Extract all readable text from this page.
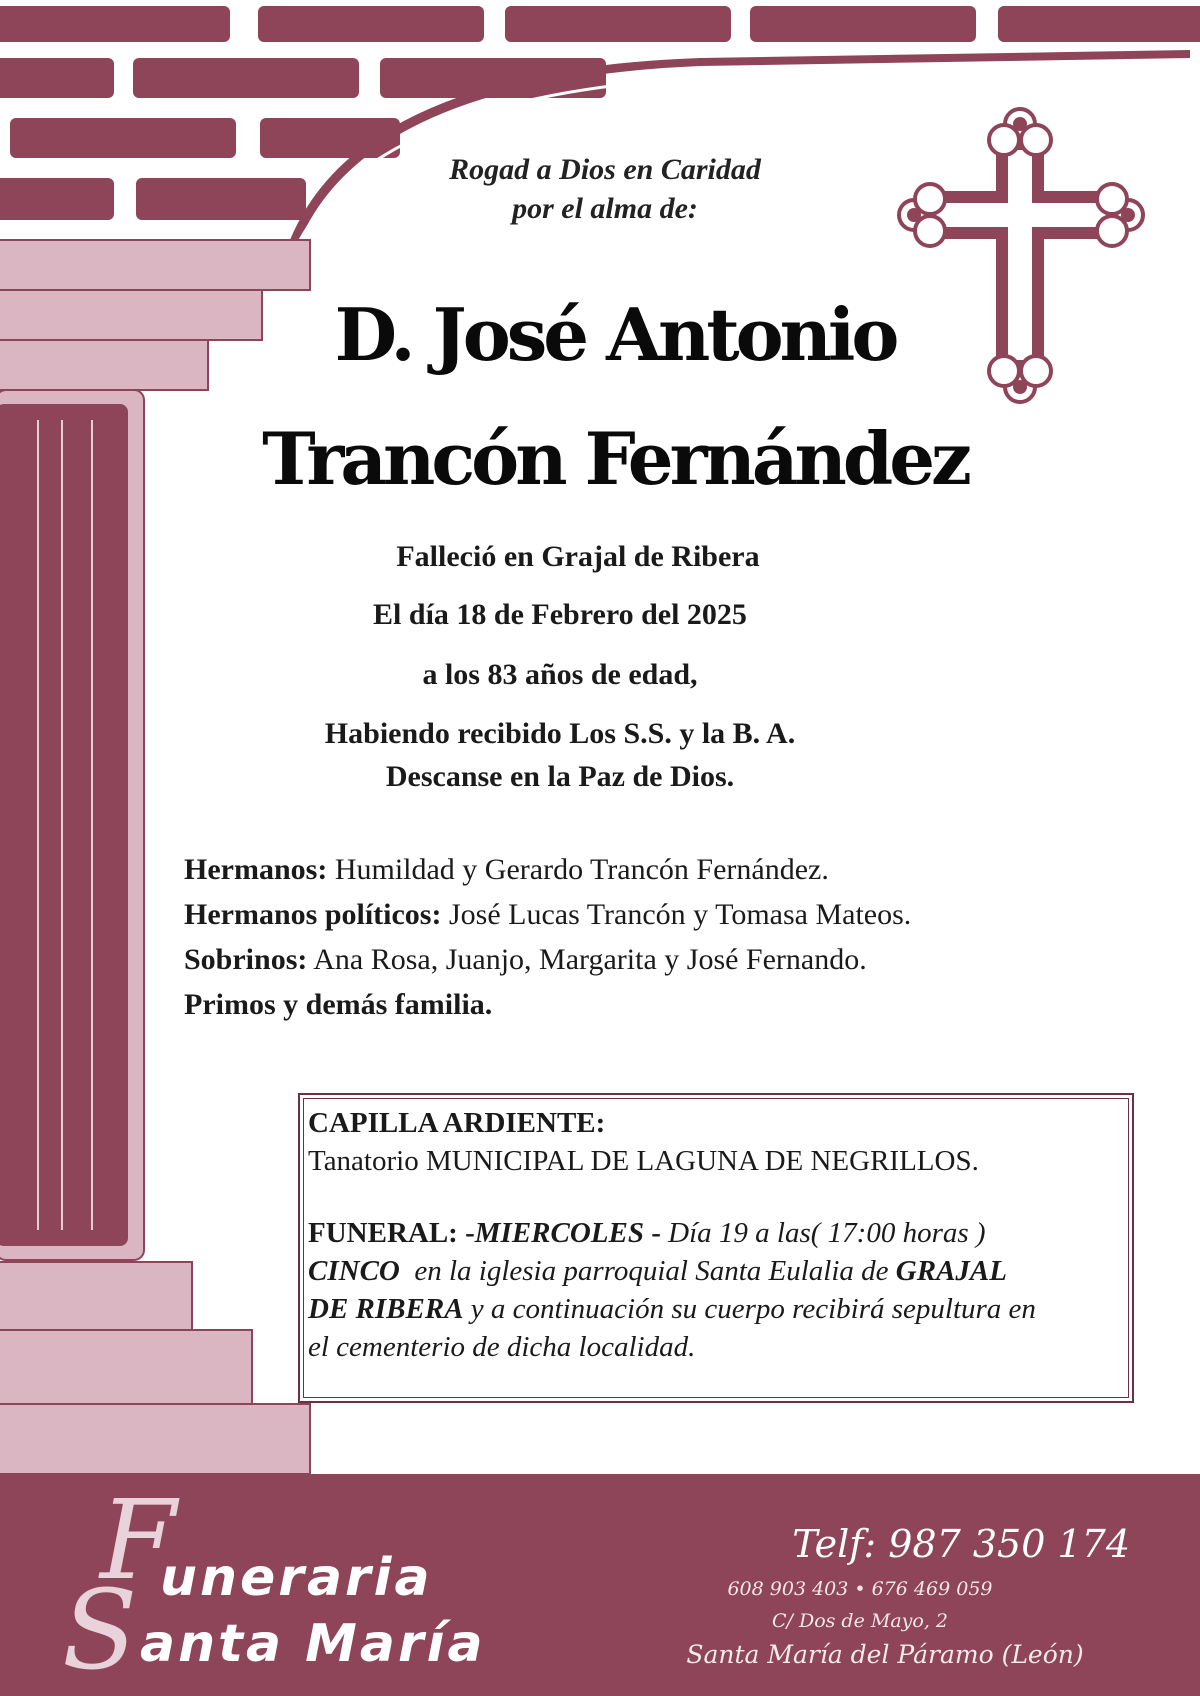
Rogad a Dios en Caridad
por el alma de:
D. José Antonio
Trancón Fernández
Falleció en Grajal de Ribera
El día 18 de Febrero del 2025
a los 83 años de edad,
Habiendo recibido Los S.S. y la B. A.
Descanse en la Paz de Dios.
Hermanos: Humildad y Gerardo Trancón Fernández.
Hermanos políticos: José Lucas Trancón y Tomasa Mateos.
Sobrinos: Ana Rosa, Juanjo, Margarita y José Fernando.
Primos y demás familia.
CAPILLA ARDIENTE:
Tanatorio MUNICIPAL DE LAGUNA DE NEGRILLOS.
FUNERAL: -MIERCOLES - Día 19 a las( 17:00 horas )
CINCO en la iglesia parroquial Santa Eulalia de GRAJAL
DE RIBERA y a continuación su cuerpo recibirá sepultura en
el cementerio de dicha localidad.
F
uneraria
S anta María
Telf: 987 350 174
608 903 403 • 676 469 059
C/ Dos de Mayo, 2
Santa María del Páramo (León)
